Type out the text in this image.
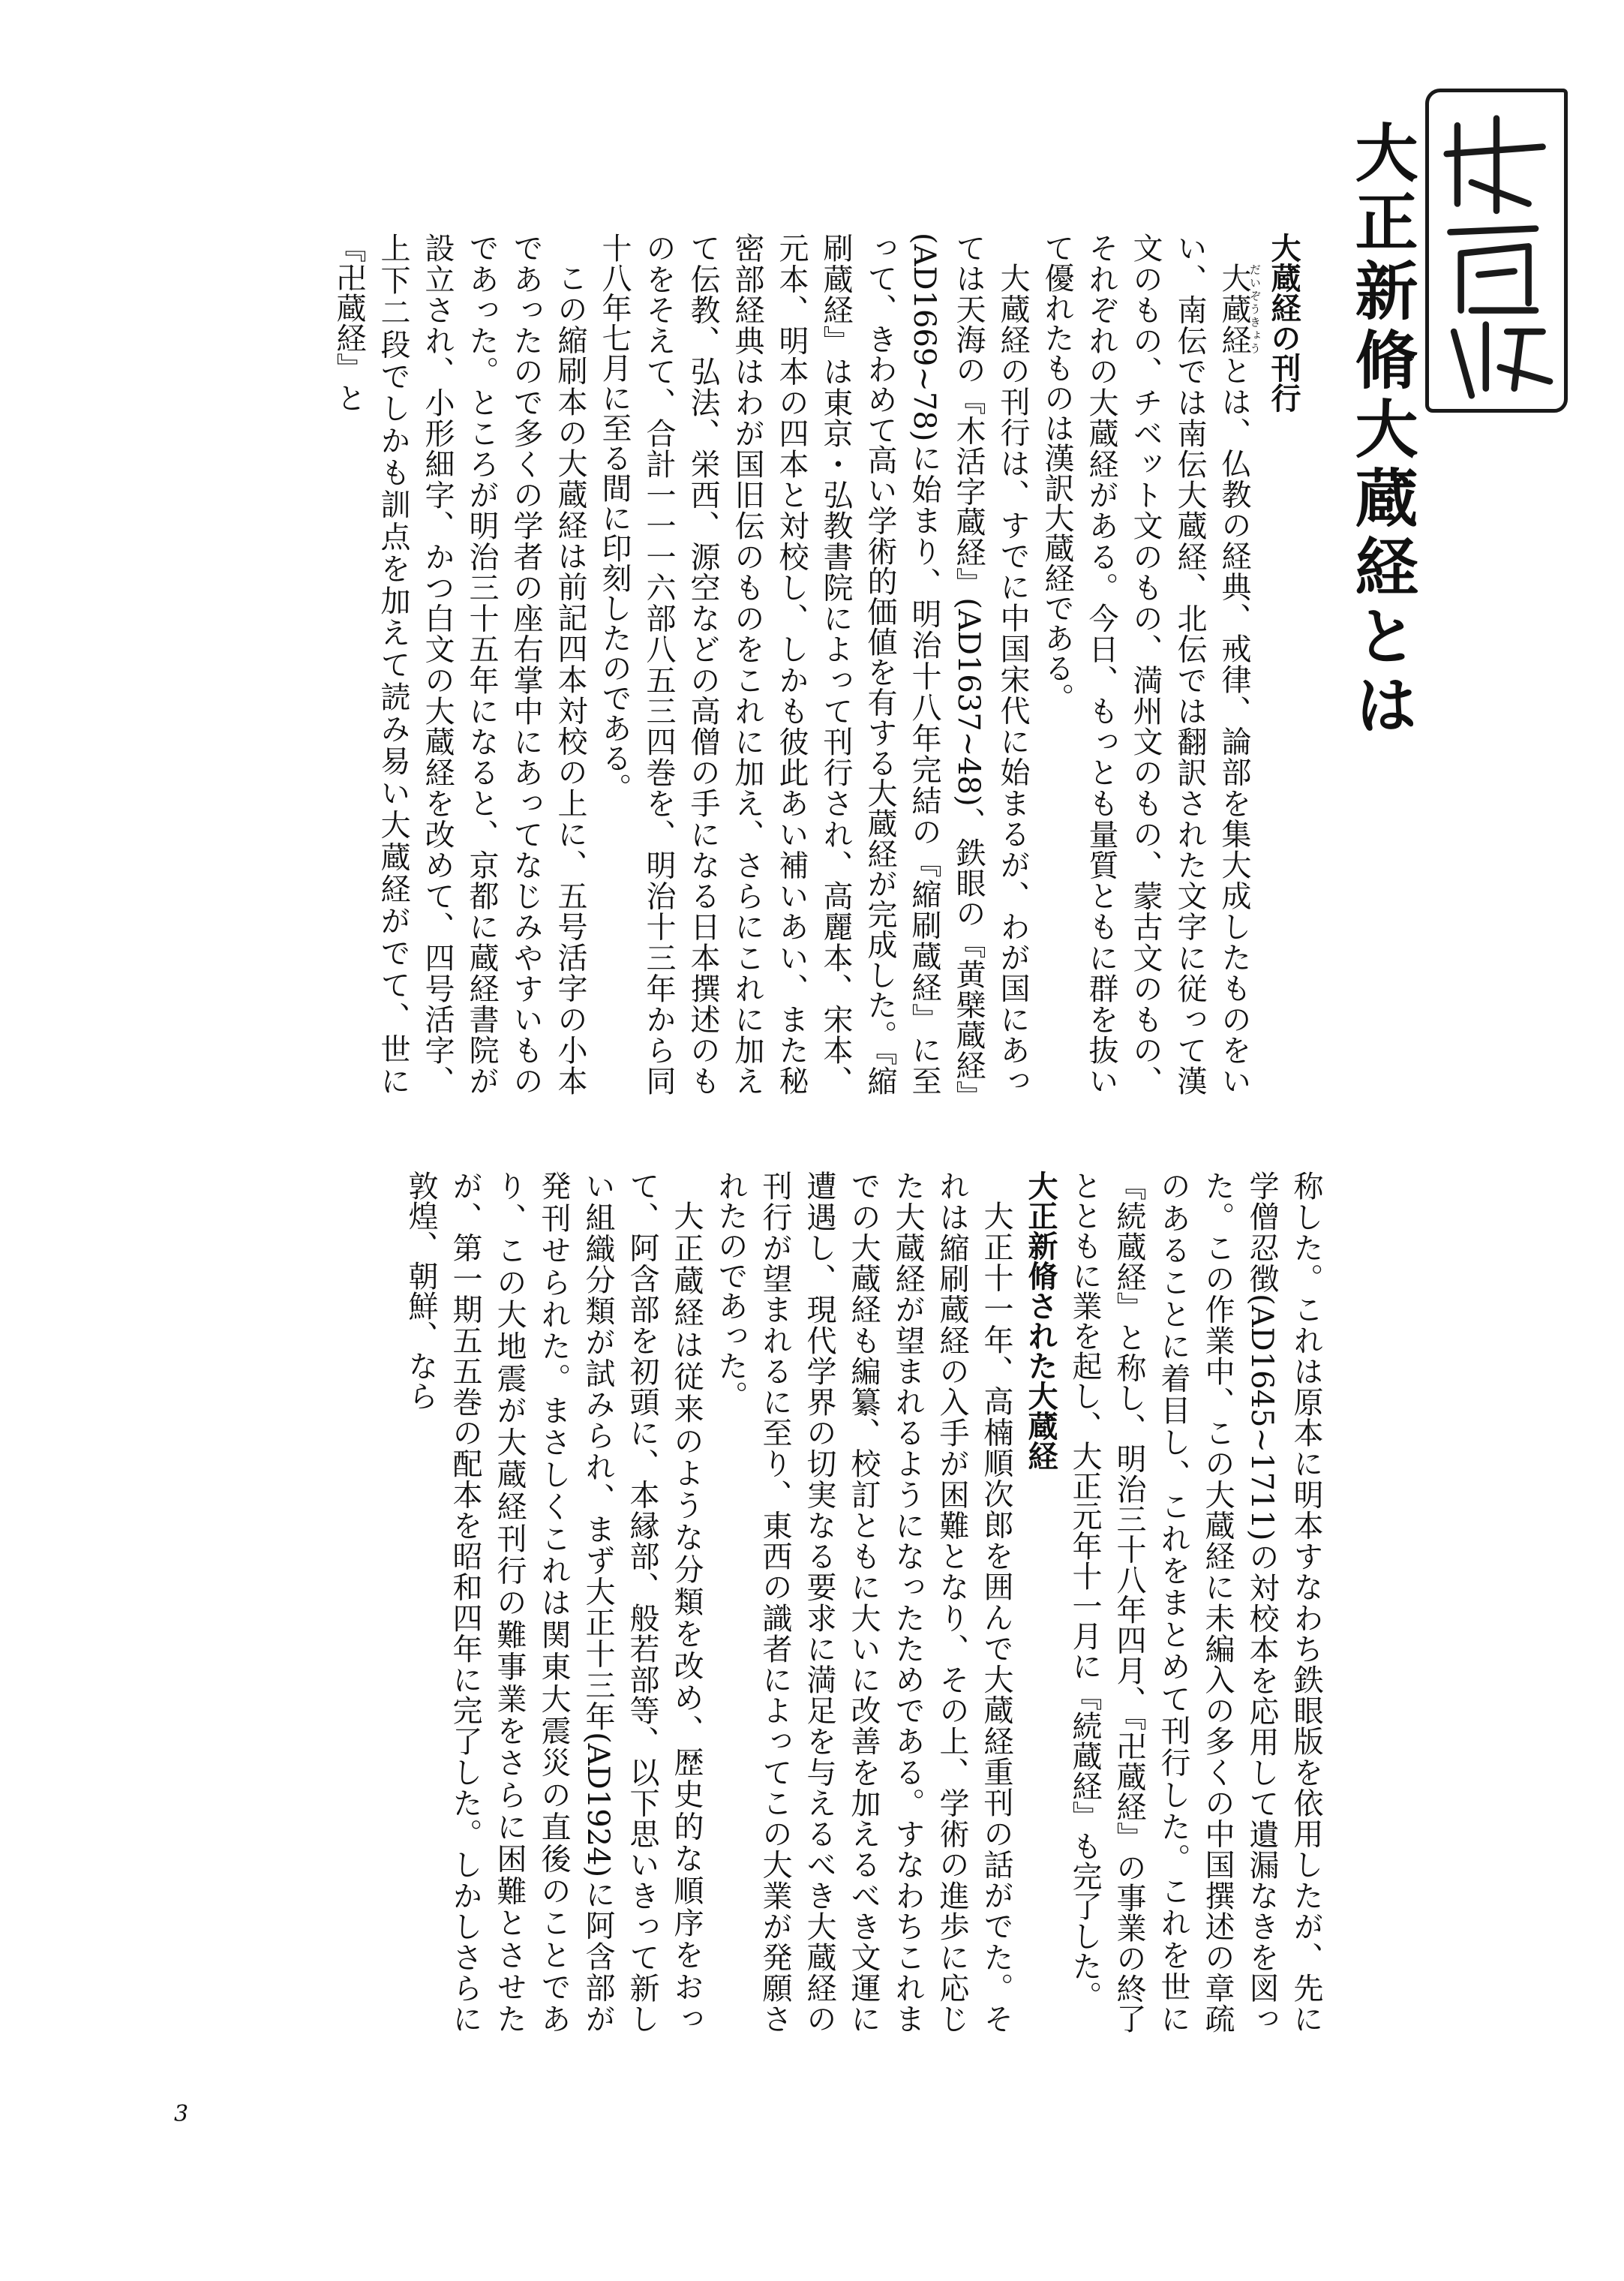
大正新脩大蔵経とは

大蔵経の刊行

大蔵経だいぞうきょうとは、仏教の経典、戒律、論部を集大成したものをい　い、南伝では南伝大蔵経、北伝では翻訳された文字に従って漢文のもの、チベット文のもの、満州文のもの、蒙古文のもの、それぞれの大蔵経がある。今日、もっとも量質ともに群を抜いて優れたものは漢訳大蔵経である。

大蔵経の刊行は、すでに中国宋代に始まるが、わが国にあっては天海の『木活字蔵経』(AD1637~48)、鉄眼の『黄檗蔵経』(AD1669~78)に始まり、明治十八年完結の『縮刷蔵経』に至って、きわめて高い学術的価値を有する大蔵経が完成した。『縮刷蔵経』は東京・弘教書院によって刊行され、高麗本、宋本、元本、明本の四本と対校し、しかも彼此あい補いあい、また秘密部経典はわが国旧伝のものをこれに加え、さらにこれに加えて伝教、弘法、栄西、源空などの高僧の手になる日本撰述のものをそえて、合計一一一六部八五三四巻を、明治十三年から同十八年七月に至る間に印刻したのである。

この縮刷本の大蔵経は前記四本対校の上に、五号活字の小本であったので多くの学者の座右掌中にあってなじみやすいものであった。ところが明治三十五年になると、京都に蔵経書院が設立され、小形細字、かつ白文の大蔵経を改めて、四号活字、上下二段でしかも訓点を加えて読み易い大蔵経がでて、世に『卍蔵経』と

称した。これは原本に明本すなわち鉄眼版を依用したが、先に学僧忍徴(AD1645~1711)の対校本を応用して遺漏なきを図った。この作業中、この大蔵経に未編入の多くの中国撰述の章疏のあることに着目し、これをまとめて刊行した。これを世に『続蔵経』と称し、明治三十八年四月、『卍蔵経』の事業の終了とともに業を起し、大正元年十一月に『続蔵経』も完了した。

大正新脩された大蔵経

大正十一年、高楠順次郎を囲んで大蔵経重刊の話がでた。それは縮刷蔵経の入手が困難となり、その上、学術の進歩に応じた大蔵経が望まれるようになったためである。すなわちこれまでの大蔵経も編纂、校訂ともに大いに改善を加えるべき文運に遭遇し、現代学界の切実なる要求に満足を与えるべき大蔵経の刊行が望まれるに至り、東西の識者によってこの大業が発願されたのであった。

大正蔵経は従来のような分類を改め、歴史的な順序をおって、阿含部を初頭に、本縁部、般若部等、以下思いきって新しい組織分類が試みられ、まず大正十三年(AD1924)に阿含部が発刊せられた。まさしくこれは関東大震災の直後のことであり、この大地震が大蔵経刊行の難事業をさらに困難とさせたが、第一期五五巻の配本を昭和四年に完了した。しかしさらに敦煌、朝鮮、なら

3
